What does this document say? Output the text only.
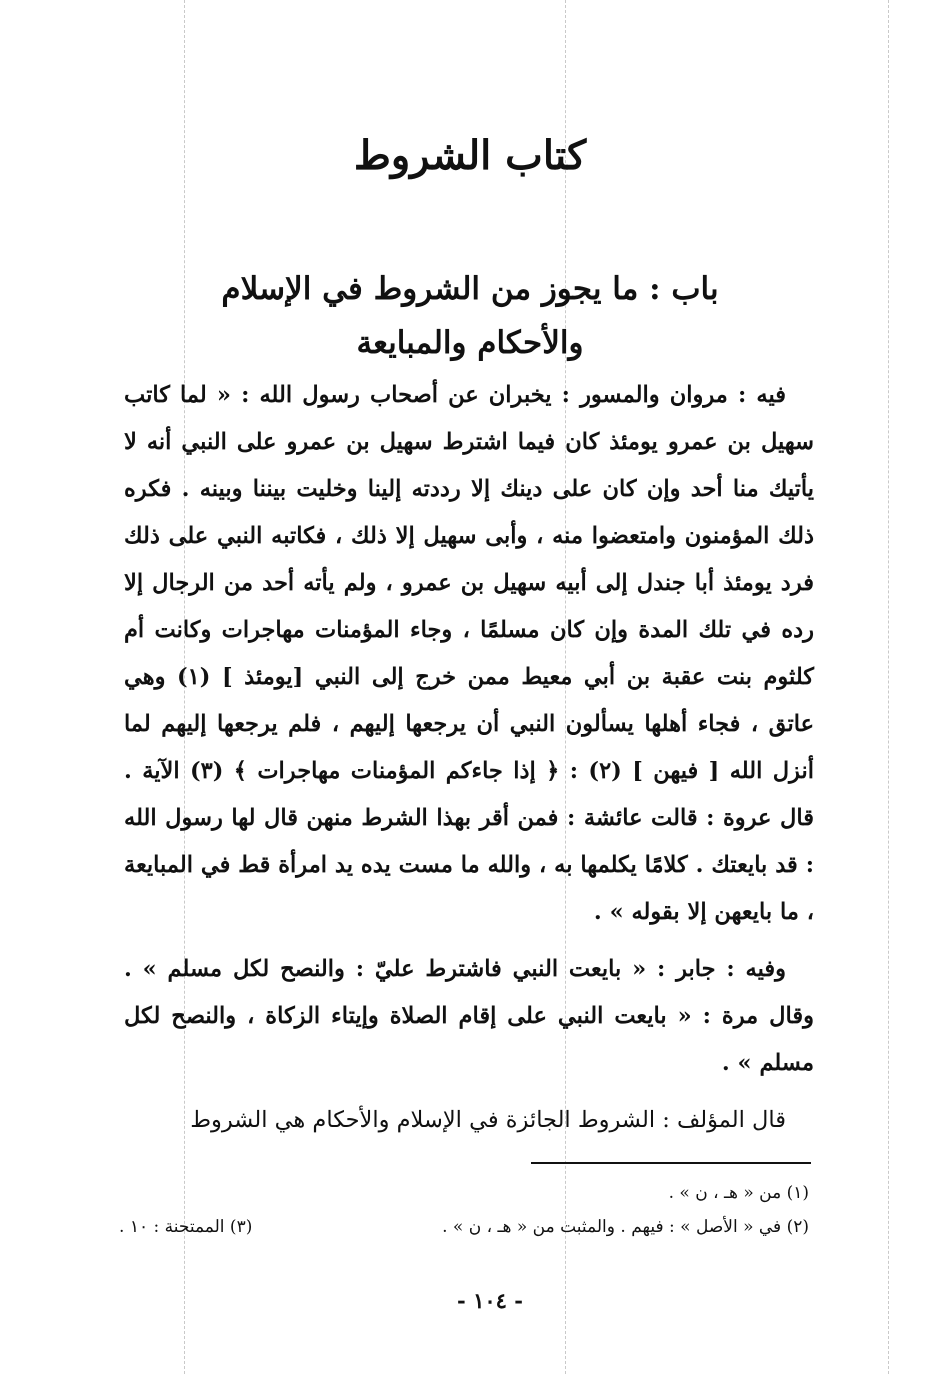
كتاب الشروط
باب : ما يجوز من الشروط في الإسلام
والأحكام والمبايعة

فيه : مروان والمسور : يخبران عن أصحاب رسول الله : « لما كاتب سهيل بن عمرو يومئذ كان فيما اشترط سهيل بن عمرو على النبي أنه لا يأتيك منا أحد وإن كان على دينك إلا رددته إلينا وخليت بيننا وبينه . فكره ذلك المؤمنون وامتعضوا منه ، وأبى سهيل إلا ذلك ، فكاتبه النبي على ذلك فرد يومئذ أبا جندل إلى أبيه سهيل بن عمرو ، ولم يأته أحد من الرجال إلا رده في تلك المدة وإن كان مسلمًا ، وجاء المؤمنات مهاجرات وكانت أم كلثوم بنت عقبة بن أبي معيط ممن خرج إلى النبي [يومئذ ] (١) وهي عاتق ، فجاء أهلها يسألون النبي أن يرجعها إليهم ، فلم يرجعها إليهم لما أنزل الله [ فيهن ] (٢) : ﴿ إذا جاءكم المؤمنات مهاجرات ﴾ (٣) الآية . قال عروة : قالت عائشة : فمن أقر بهذا الشرط منهن قال لها رسول الله : قد بايعتك . كلامًا يكلمها به ، والله ما مست يده يد امرأة قط في المبايعة ، ما بايعهن إلا بقوله » .

وفيه : جابر : « بايعت النبي فاشترط عليّ : والنصح لكل مسلم » . وقال مرة : « بايعت النبي على إقام الصلاة وإيتاء الزكاة ، والنصح لكل مسلم » .

قال المؤلف : الشروط الجائزة في الإسلام والأحكام هي الشروط

(١) من « هـ ، ن » .
(٢) في « الأصل » : فيهم . والمثبت من « هـ ، ن » .
(٣) الممتحنة : ١٠ .
- ١٠٤ -
